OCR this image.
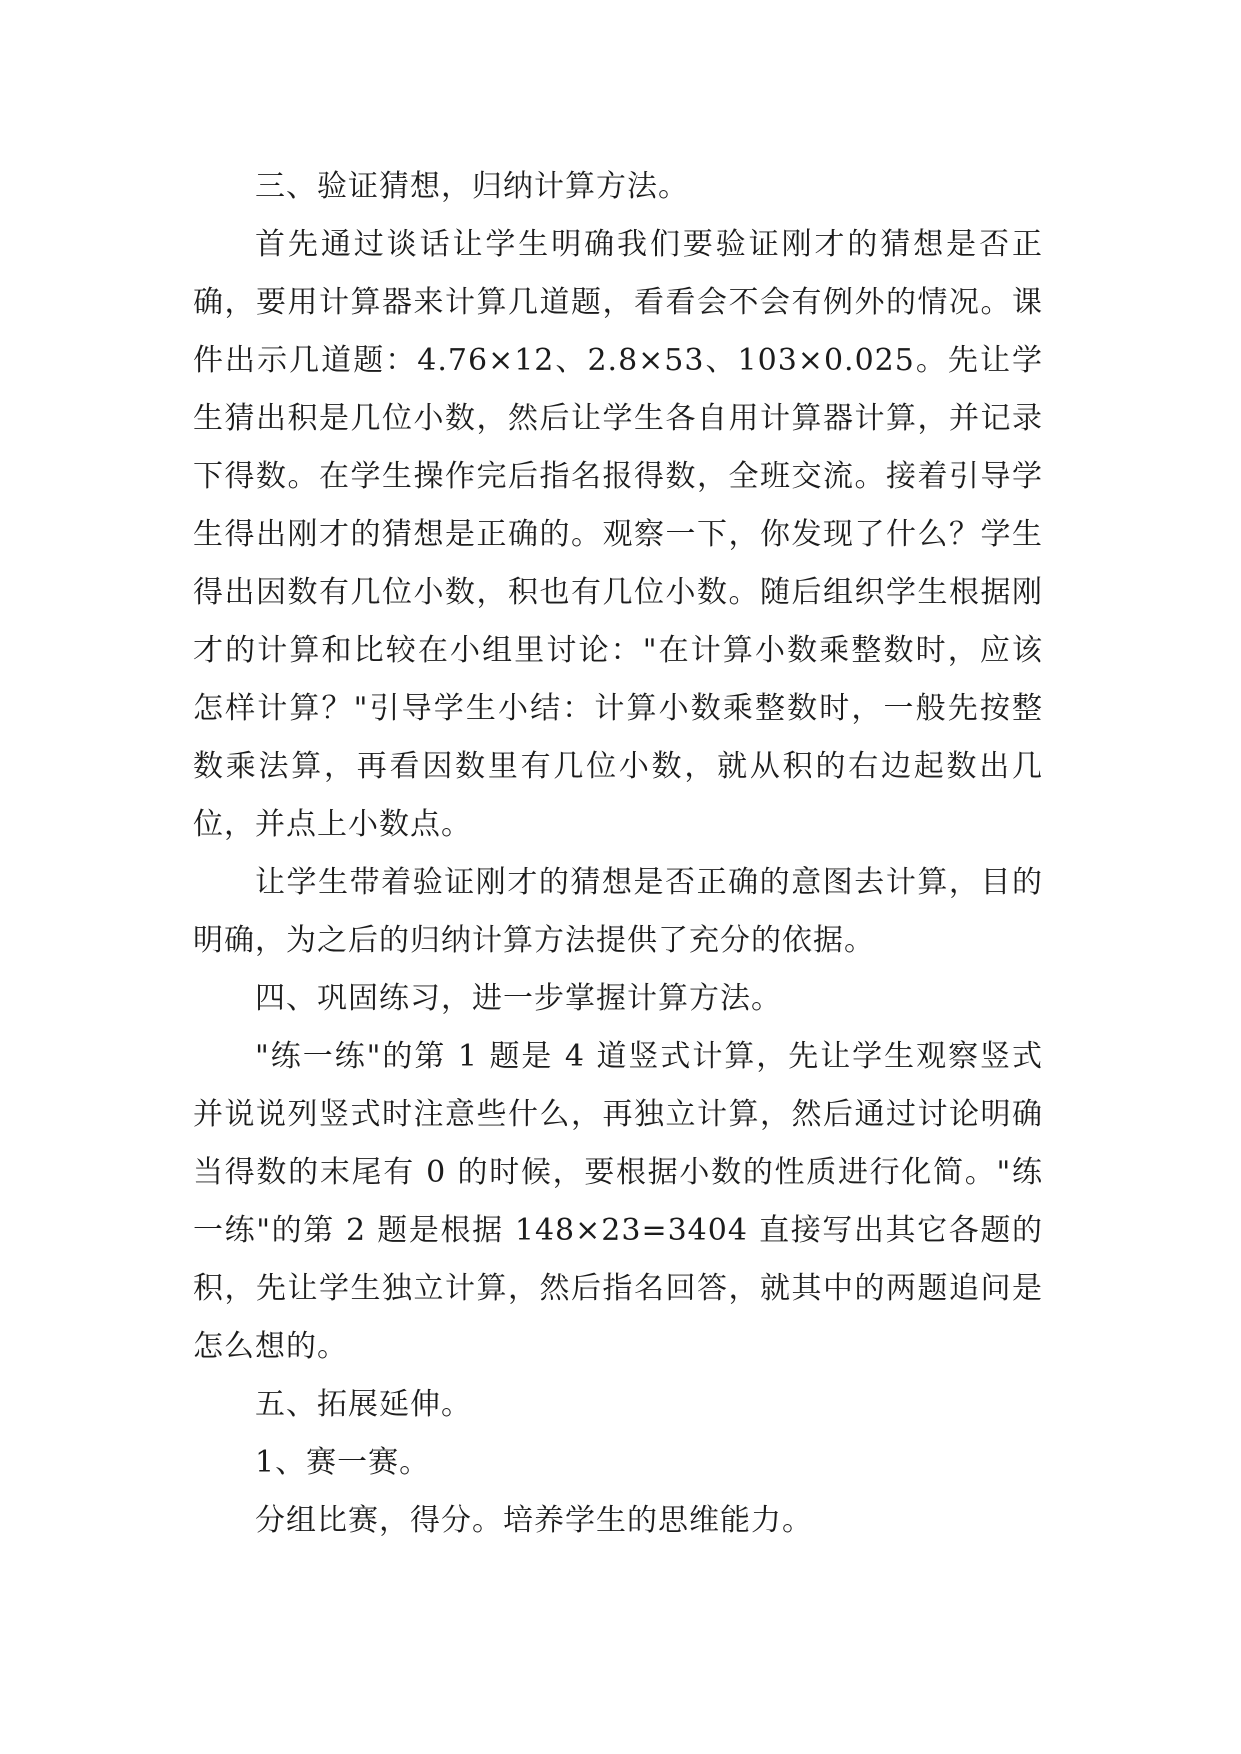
三、验证猜想，归纳计算方法。

首先通过谈话让学生明确我们要验证刚才的猜想是否正确，要用计算器来计算几道题，看看会不会有例外的情况。课件出示几道题：4.76×12、2.8×53、103×0.025。先让学生猜出积是几位小数，然后让学生各自用计算器计算，并记录下得数。在学生操作完后指名报得数，全班交流。接着引导学生得出刚才的猜想是正确的。观察一下，你发现了什么？学生得出因数有几位小数，积也有几位小数。随后组织学生根据刚才的计算和比较在小组里讨论："在计算小数乘整数时，应该怎样计算？"引导学生小结：计算小数乘整数时，一般先按整数乘法算，再看因数里有几位小数，就从积的右边起数出几位，并点上小数点。

让学生带着验证刚才的猜想是否正确的意图去计算，目的明确，为之后的归纳计算方法提供了充分的依据。

四、巩固练习，进一步掌握计算方法。

"练一练"的第 1 题是 4 道竖式计算，先让学生观察竖式并说说列竖式时注意些什么，再独立计算，然后通过讨论明确当得数的末尾有 0 的时候，要根据小数的性质进行化简。"练一练"的第 2 题是根据 148×23=3404 直接写出其它各题的积，先让学生独立计算，然后指名回答，就其中的两题追问是怎么想的。

五、拓展延伸。

1、赛一赛。

分组比赛，得分。培养学生的思维能力。
